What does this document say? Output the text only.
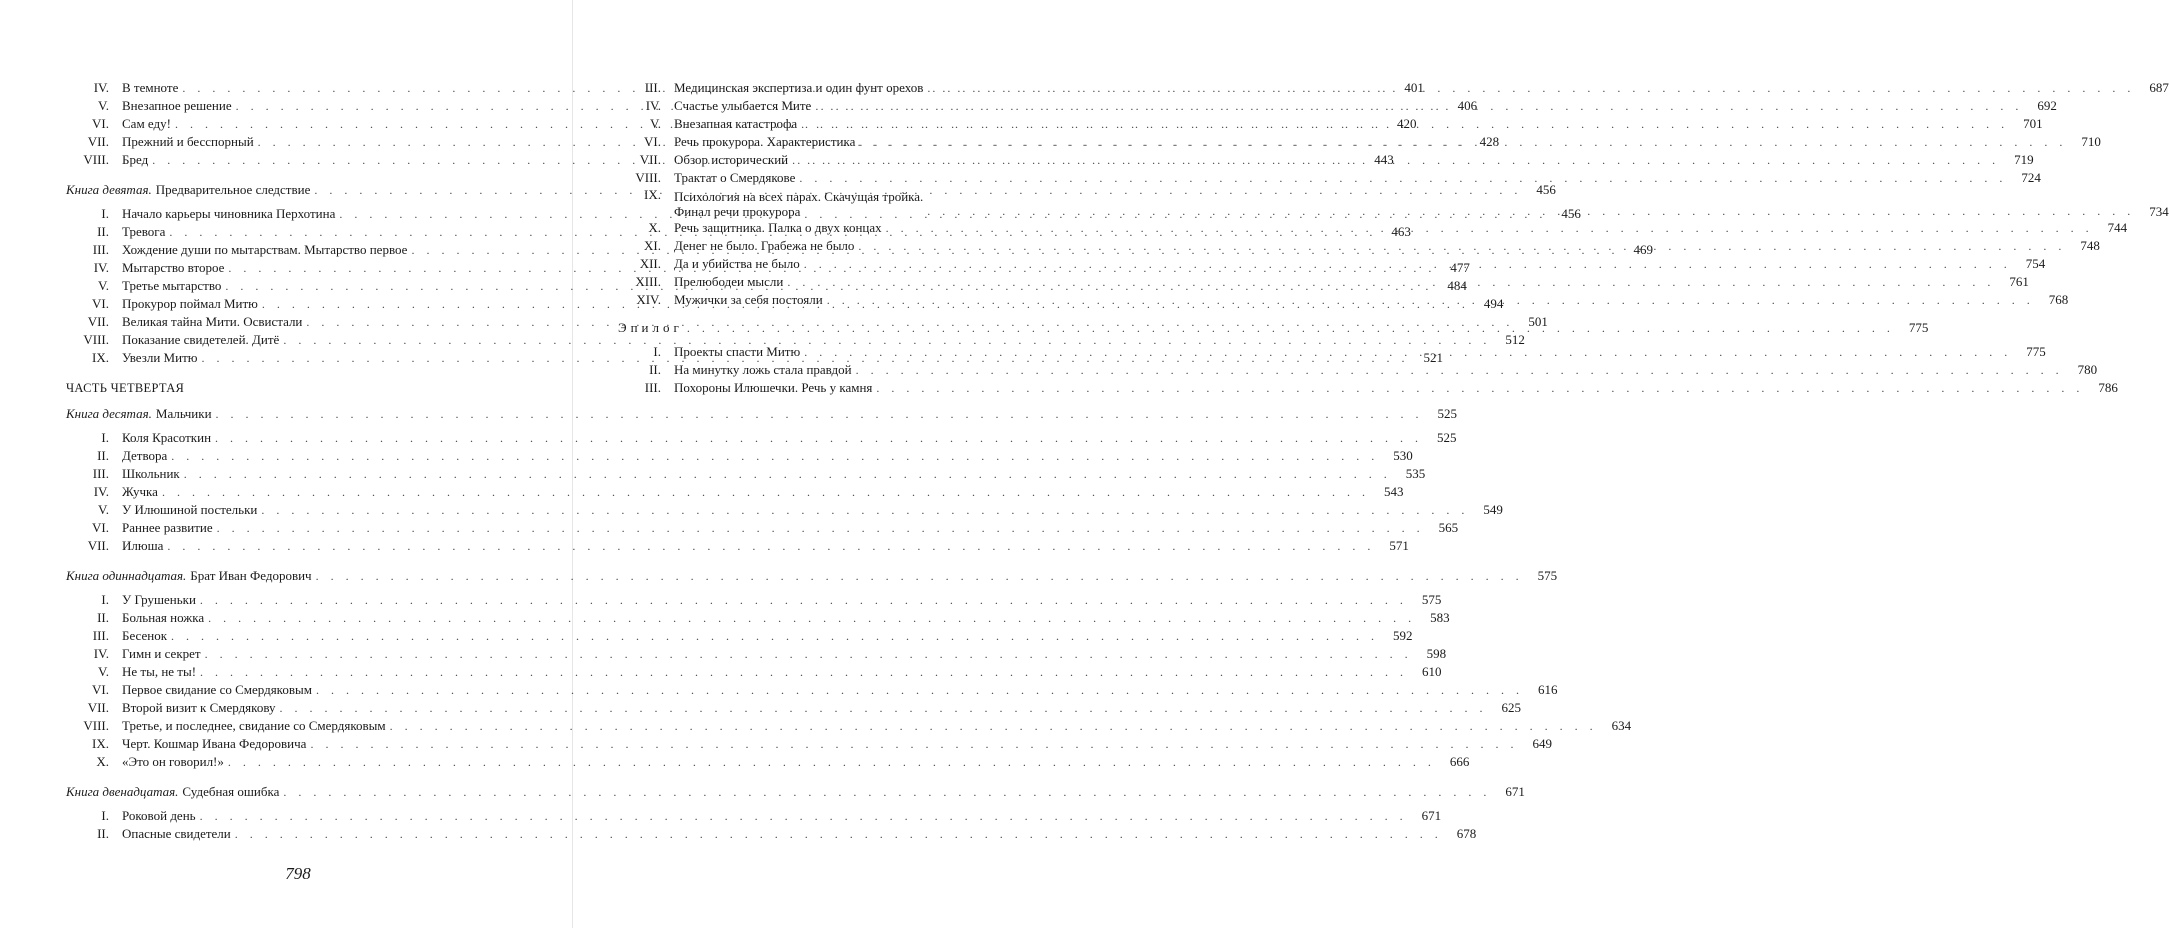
IV.	В темноте . . .	401
V.	Внезапное решение . . .	406
VI.	Сам еду! . . .	420
VII.	Прежний и бесспорный . . .	428
VIII.	Бред . . .	443
Книга девятая. Предварительное следствие . . .	456
I.	Начало карьеры чиновника Перхотина . . .	456
II.	Тревога . . .	463
III.	Хождение души по мытарствам. Мытарство первое . . .	469
IV.	Мытарство второе . . .	477
V.	Третье мытарство . . .	484
VI.	Прокурор поймал Митю . . .	494
VII.	Великая тайна Мити. Освистали . . .	501
VIII.	Показание свидетелей. Дитё . . .	512
IX.	Увезли Митю . . .	521
ЧАСТЬ ЧЕТВЕРТАЯ
Книга десятая. Мальчики . . .	525
I.	Коля Красоткин . . .	525
II.	Детвора . . .	530
III.	Школьник . . .	535
IV.	Жучка . . .	543
V.	У Илюшиной постельки . . .	549
VI.	Раннее развитие . . .	565
VII.	Илюша . . .	571
Книга одиннадцатая. Брат Иван Федорович . . .	575
I.	У Грушеньки . . .	575
II.	Больная ножка . . .	583
III.	Бесенок . . .	592
IV.	Гимн и секрет . . .	598
V.	Не ты, не ты! . . .	610
VI.	Первое свидание со Смердяковым . . .	616
VII.	Второй визит к Смердякову . . .	625
VIII.	Третье, и последнее, свидание со Смердяковым . . .	634
IX.	Черт. Кошмар Ивана Федоровича . . .	649
X.	«Это он говорил!» . . .	666
Книга двенадцатая. Судебная ошибка . . .	671
I.	Роковой день . . .	671
II.	Опасные свидетели . . .	678
798
III.	Медицинская экспертиза и один фунт орехов . . .	687
IV.	Счастье улыбается Мите . . .	692
V.	Внезапная катастрофа . . .	701
VI.	Речь прокурора. Характеристика . . .	710
VII.	Обзор исторический . . .	719
VIII.	Трактат о Смердякове . . .	724
IX.	Психология на всех парах. Скачущая тройка.
Финал речи прокурора . . .	734
X.	Речь защитника. Палка о двух концах . . .	744
XI.	Денег не было. Грабежа не было . . .	748
XII.	Да и убийства не было . . .	754
XIII.	Прелюбодеи мысли . . .	761
XIV.	Мужички за себя постояли . . .	768
Эпилог . . .	775
I.	Проекты спасти Митю . . .	775
II.	На минутку ложь стала правдой . . .	780
III.	Похороны Илюшечки. Речь у камня . . .	786
